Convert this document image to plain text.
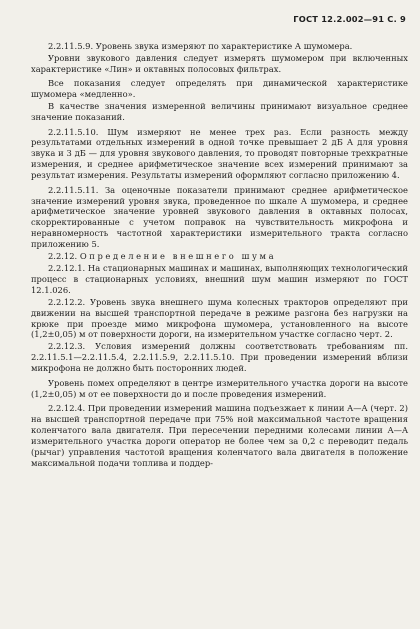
ГОСТ 12.2.002—91 С. 9

2.2.11.5.9. Уровень звука измеряют по характеристике А шумомера.

Уровни звукового давления следует измерять шумомером при включенных характеристике «Лин» и октавных полосовых фильтрах.

Все показания следует определять при динамической характеристике шумомера «медленно».

В качестве значения измеренной величины принимают визуальное среднее значение показаний.

2.2.11.5.10. Шум измеряют не менее трех раз. Если разность между результатами отдельных измерений в одной точке превышает 2 дБ A для уровня звука и 3 дБ — для уровня звукового давления, то проводят повторные трехкратные измерения, и среднее арифметическое значение всех измерений принимают за результат измерения. Результаты измерений оформляют согласно приложению 4.

2.2.11.5.11. За оценочные показатели принимают среднее арифметическое значение измерений уровня звука, проведенное по шкале A шумомера, и среднее арифметическое значение уровней звукового давления в октавных полосах, скорректированные с учетом поправок на чувствительность микрофона и неравномерность частотной характеристики измерительного тракта согласно приложению 5.

2.2.12. Определение внешнего шума

2.2.12.1. На стационарных машинах и машинах, выполняющих технологический процесс в стационарных условиях, внешний шум машин измеряют по ГОСТ 12.1.026.

2.2.12.2. Уровень звука внешнего шума колесных тракторов определяют при движении на высшей транспортной передаче в режиме разгона без нагрузки на крюке при проезде мимо микрофона шумомера, установленного на высоте (1,2±0,05) м от поверхности дороги, на измерительном участке согласно черт. 2.

2.2.12.3. Условия измерений должны соответствовать требованиям пп. 2.2.11.5.1—2.2.11.5.4, 2.2.11.5.9, 2.2.11.5.10. При проведении измерений вблизи микрофона не должно быть посторонних людей.

Уровень помех определяют в центре измерительного участка дороги на высоте (1,2±0,05) м от ее поверхности до и после проведения измерений.

2.2.12.4. При проведении измерений машина подъезжает к линии A—A (черт. 2) на высшей транспортной передаче при 75% ной максимальной частоте вращения коленчатого вала двигателя. При пересечении передними колесами линии A—A измерительного участка дороги оператор не более чем за 0,2 с переводит педаль (рычаг) управления частотой вращения коленчатого вала двигателя в положение максимальной подачи топлива и поддер-
